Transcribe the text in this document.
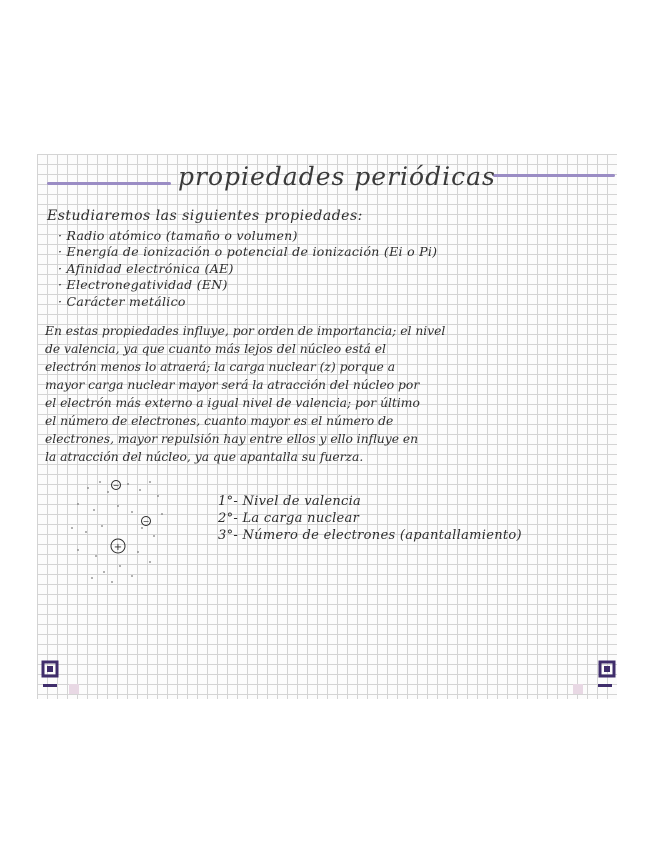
propiedades periódicas
Estudiaremos las siguientes propiedades:
· Radio atómico (tamaño o volumen)
· Energía de ionización o potencial de ionización (Ei o Pi)
· Afinidad electrónica (AE)
· Electronegatividad (EN)
· Carácter metálico
En estas propiedades influye, por orden de importancia; el nivel
de valencia, ya que cuanto más lejos del núcleo está el
electrón menos lo atraerá; la carga nuclear (z) porque a
mayor carga nuclear mayor será la atracción del núcleo por
el electrón más externo a igual nivel de valencia; por último
el número de electrones, cuanto mayor es el número de
electrones, mayor repulsión hay entre ellos y ello influye en
la atracción del núcleo, ya que apantalla su fuerza.
−
−
+
1°- Nivel de valencia
2°- La carga nuclear
3°- Número de electrones (apantallamiento)
